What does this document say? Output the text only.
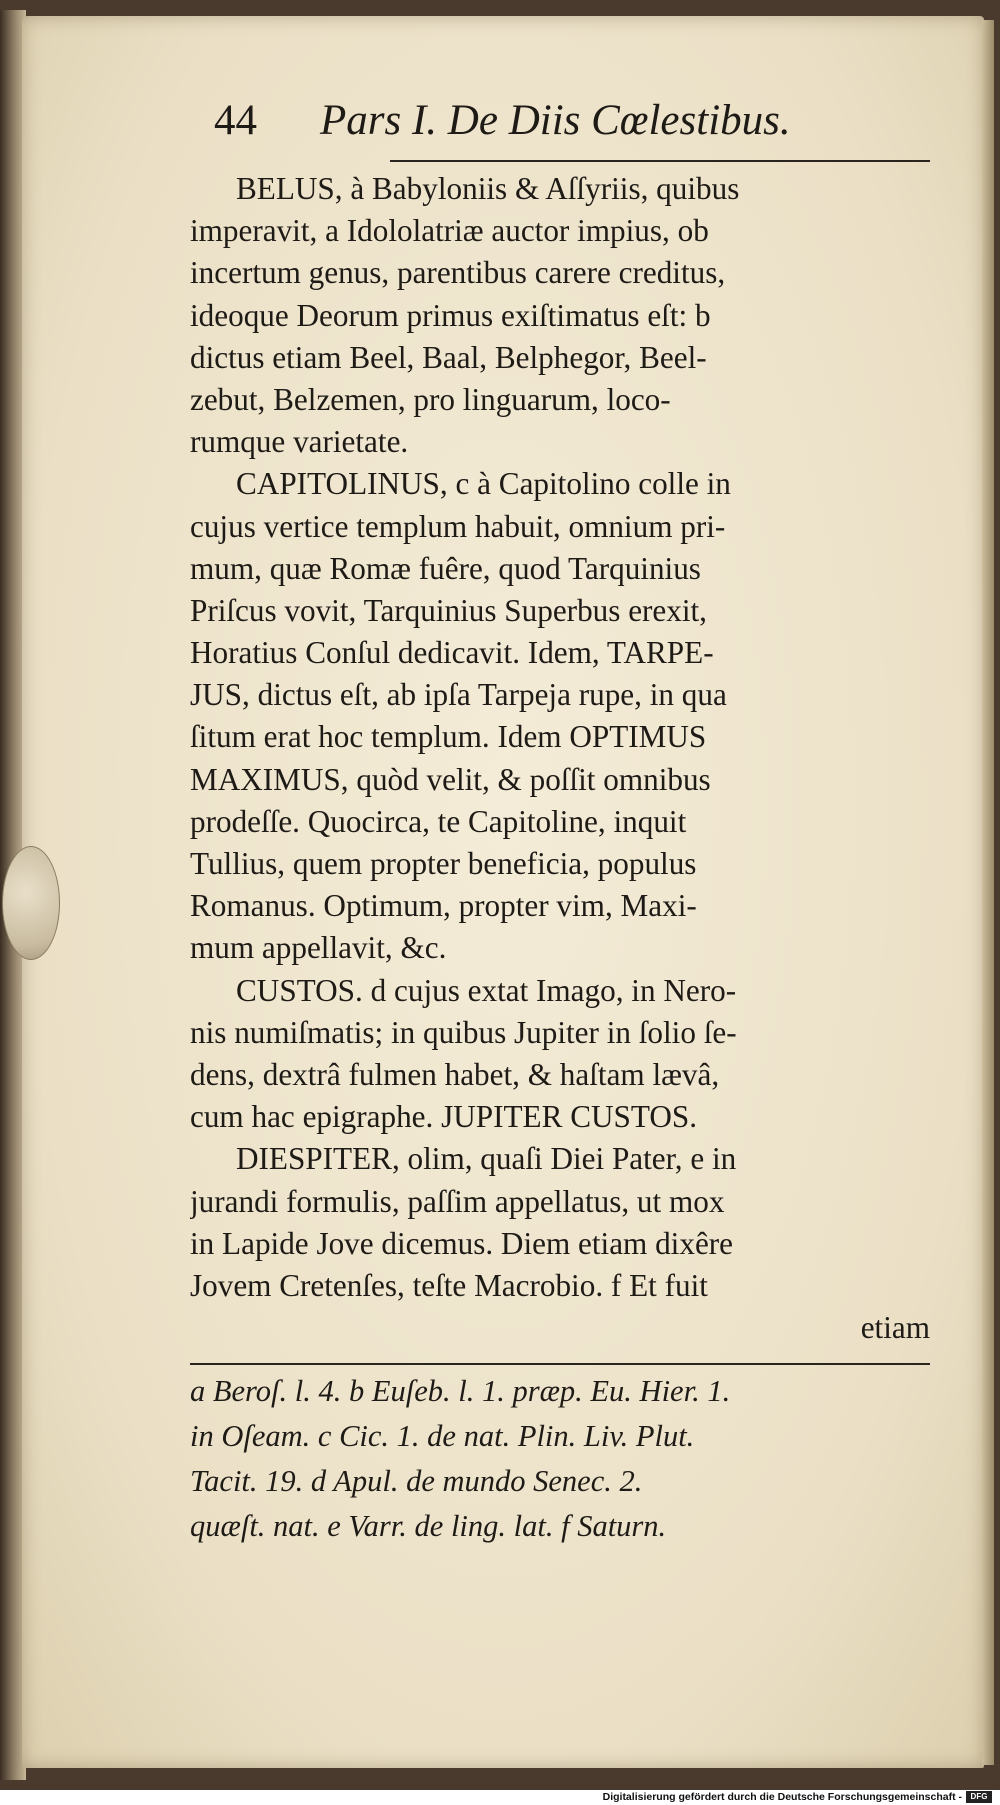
44 Pars I. De Diis Cœlestibus.
BELUS, à Babyloniis & Aſſyriis, quibus
imperavit, a Idololatriæ auctor impius, ob
incertum genus, parentibus carere creditus,
ideoque Deorum primus exiſtimatus eſt: b
dictus etiam Beel, Baal, Belphegor, Beel-
zebut, Belzemen, pro linguarum, loco-
rumque varietate.
CAPITOLINUS, c à Capitolino colle in
cujus vertice templum habuit, omnium pri-
mum, quæ Romæ fuêre, quod Tarquinius
Priſcus vovit, Tarquinius Superbus erexit,
Horatius Conſul dedicavit. Idem, TARPE-
JUS, dictus eſt, ab ipſa Tarpeja rupe, in qua
ſitum erat hoc templum. Idem OPTIMUS
MAXIMUS, quòd velit, & poſſit omnibus
prodeſſe. Quocirca, te Capitoline, inquit
Tullius, quem propter beneficia, populus
Romanus. Optimum, propter vim, Maxi-
mum appellavit, &c.
CUSTOS. d cujus extat Imago, in Nero-
nis numiſmatis; in quibus Jupiter in ſolio ſe-
dens, dextrâ fulmen habet, & haſtam lævâ,
cum hac epigraphe. JUPITER CUSTOS.
DIESPITER, olim, quaſi Diei Pater, e in
jurandi formulis, paſſim appellatus, ut mox
in Lapide Jove dicemus. Diem etiam dixêre
Jovem Cretenſes, teſte Macrobio. f Et fuit
etiam
a Beroſ. l. 4. b Euſeb. l. 1. præp. Eu. Hier. 1.
in Oſeam. c Cic. 1. de nat. Plin. Liv. Plut.
Tacit. 19. d Apul. de mundo Senec. 2.
quæſt. nat. e Varr. de ling. lat. f Saturn.
Digitalisierung gefördert durch die Deutsche Forschungsgemeinschaft -	DFG
